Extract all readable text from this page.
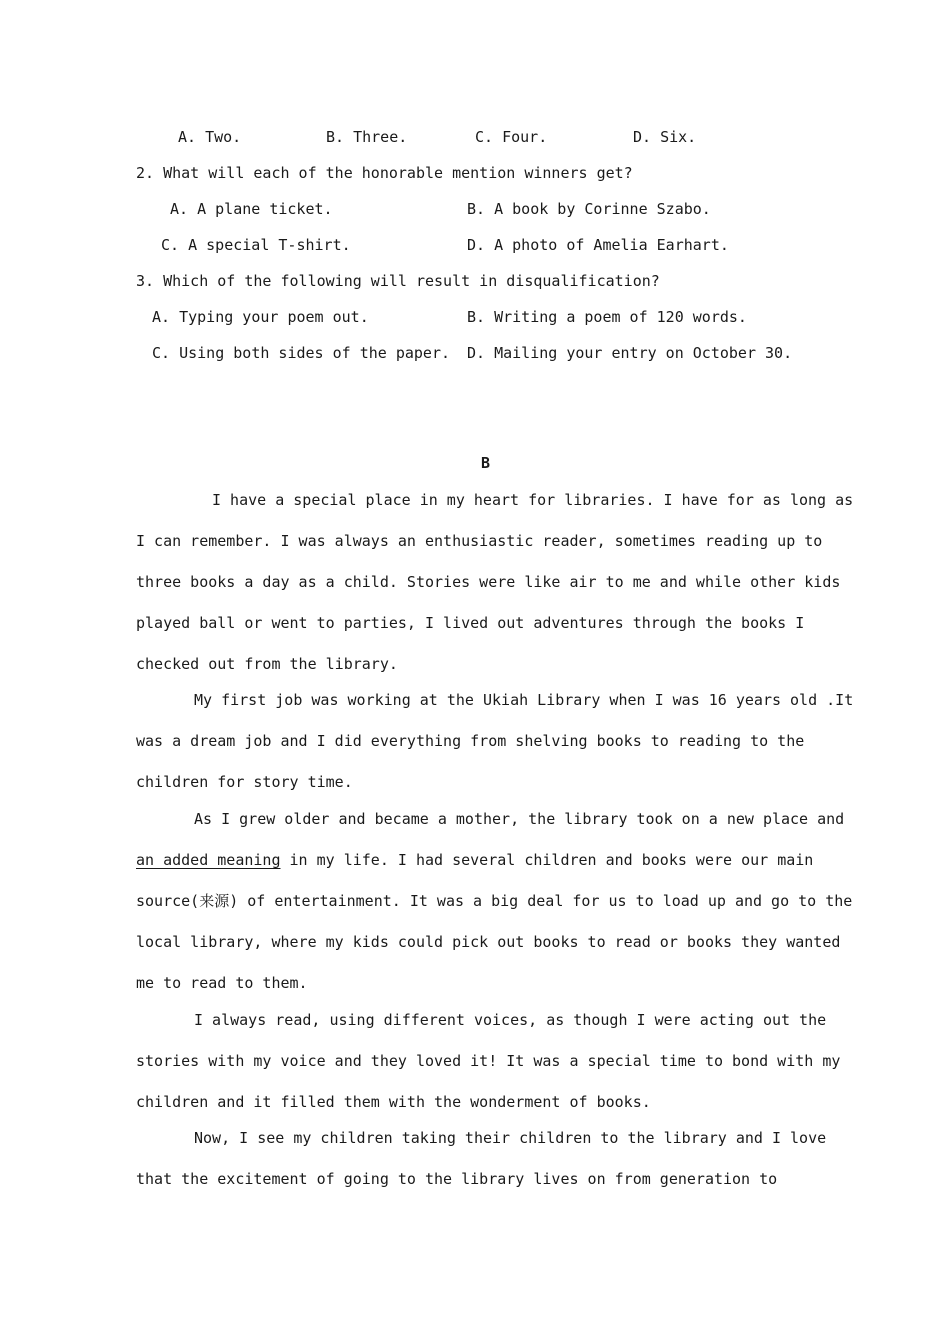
A. Two.	B. Three.	C. Four.	D. Six.
2. What will each of the honorable mention winners get?
A. A plane ticket.	B. A book by Corinne Szabo.
C. A special T-shirt.	D. A photo of Amelia Earhart.
3. Which of the following will result in disqualification?
A. Typing your poem out.	B. Writing a poem of 120 words.
C. Using both sides of the paper. D. Mailing your entry on October 30.
B
I have a special place in my heart for libraries. I have for as long as
I can remember. I was always an enthusiastic reader, sometimes reading up to
three books a day as a child. Stories were like air to me and while other kids
played ball or went to parties, I lived out adventures through the books I
checked out from the library.
My first job was working at the Ukiah Library when I was 16 years old .It
was a dream job and I did everything from shelving books to reading to the
children for story time.
As I grew older and became a mother, the library took on a new place and
an added meaning in my life. I had several children and books were our main
source(来源) of entertainment. It was a big deal for us to load up and go to the
local library, where my kids could pick out books to read or books they wanted
me to read to them.
I always read, using different voices, as though I were acting out the
stories with my voice and they loved it! It was a special time to bond with my
children and it filled them with the wonderment of books.
Now, I see my children taking their children to the library and I love
that the excitement of going to the library lives on from generation to
